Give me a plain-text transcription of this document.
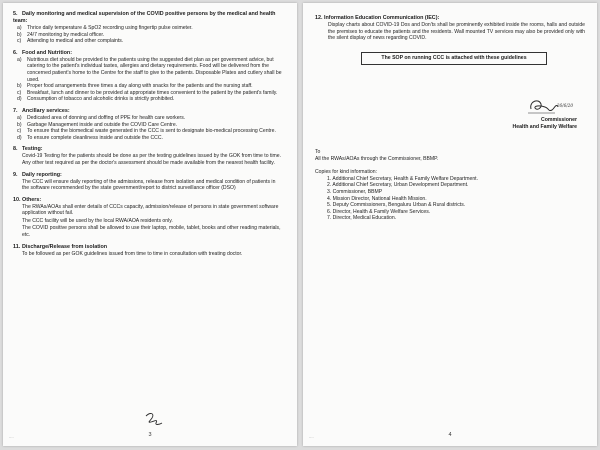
5. Daily monitoring and medical supervision of the COVID positive persons by the medical and health team:

a) Thrice daily temperature & SpO2 recording using fingertip pulse oximeter.

b) 24/7 monitoring by medical officer.

c) Attending to medical and other complaints.

6. Food and Nutrition:

a) Nutritious diet should be provided to the patients using the suggested diet plan as per government advice, but catering to the patient's individual tastes, allergies and dietary requirements. Food will be delivered from the concerned patient's home to the Centre for the staff to give to the patients. Disposable Plates and cutlery shall be used.

b) Proper food arrangements three times a day along with snacks for the patients and the nursing staff.

c) Breakfast, lunch and dinner to be provided at appropriate times convenient to the patient by the patient's family.

d) Consumption of tobacco and alcoholic drinks is strictly prohibited.

7. Ancillary services:

a) Dedicated area of donning and doffing of PPE for health care workers.

b) Garbage Management inside and outside the COVID Care Centre.

c) To ensure that the biomedical waste generated in the CCC is sent to designate bio-medical processing Centre.

d) To ensure complete cleanliness inside and outside the CCC.

8. Testing:

Covid-19 Testing for the patients should be done as per the testing guidelines issued by the GOK from time to time. Any other test required as per the doctor's assessment should be made available from the nearest health facility.

9. Daily reporting:

The CCC will ensure daily reporting of the admissions, release from isolation and medical condition of patients in the software recommended by the state government/report to district surveillance officer (DSO)

10. Others:

The RWAs/AOAs shall enter details of CCCs capacity, admission/release of persons in state government software application without fail.

The CCC facility will be used by the local RWA/AOA residents only.

The COVID positive persons shall be allowed to use their laptop, mobile, tablet, books and other reading materials, etc.

11. Discharge/Release from isolation

To be followed as per GOK guidelines issued from time to time in consultation with treating doctor.

3
····

12. Information Education Communication (IEC):

Display charts about COVID-19 Dos and Don'ts shall be prominently exhibited inside the rooms, halls and outside the premises to educate the patients and the residents. Wall mounted TV services may also be provided only with the silent display of news regarding COVID.

The SOP on running CCC is attached with these guidelines
26/6/20

Commissioner

Health and Family Welfare

To

All the RWAs/AOAs through the Commissioner, BBMP.

Copies for kind information:

1. Additional Chief Secretary, Health & Family Welfare Department.

2. Additional Chief Secretary, Urban Development Department.

3. Commissioner, BBMP

4. Mission Director, National Health Mission.

5. Deputy Commissioners, Bengaluru Urban & Rural districts.

6. Director, Health & Family Welfare Services.

7. Director, Medical Education.

4
····
